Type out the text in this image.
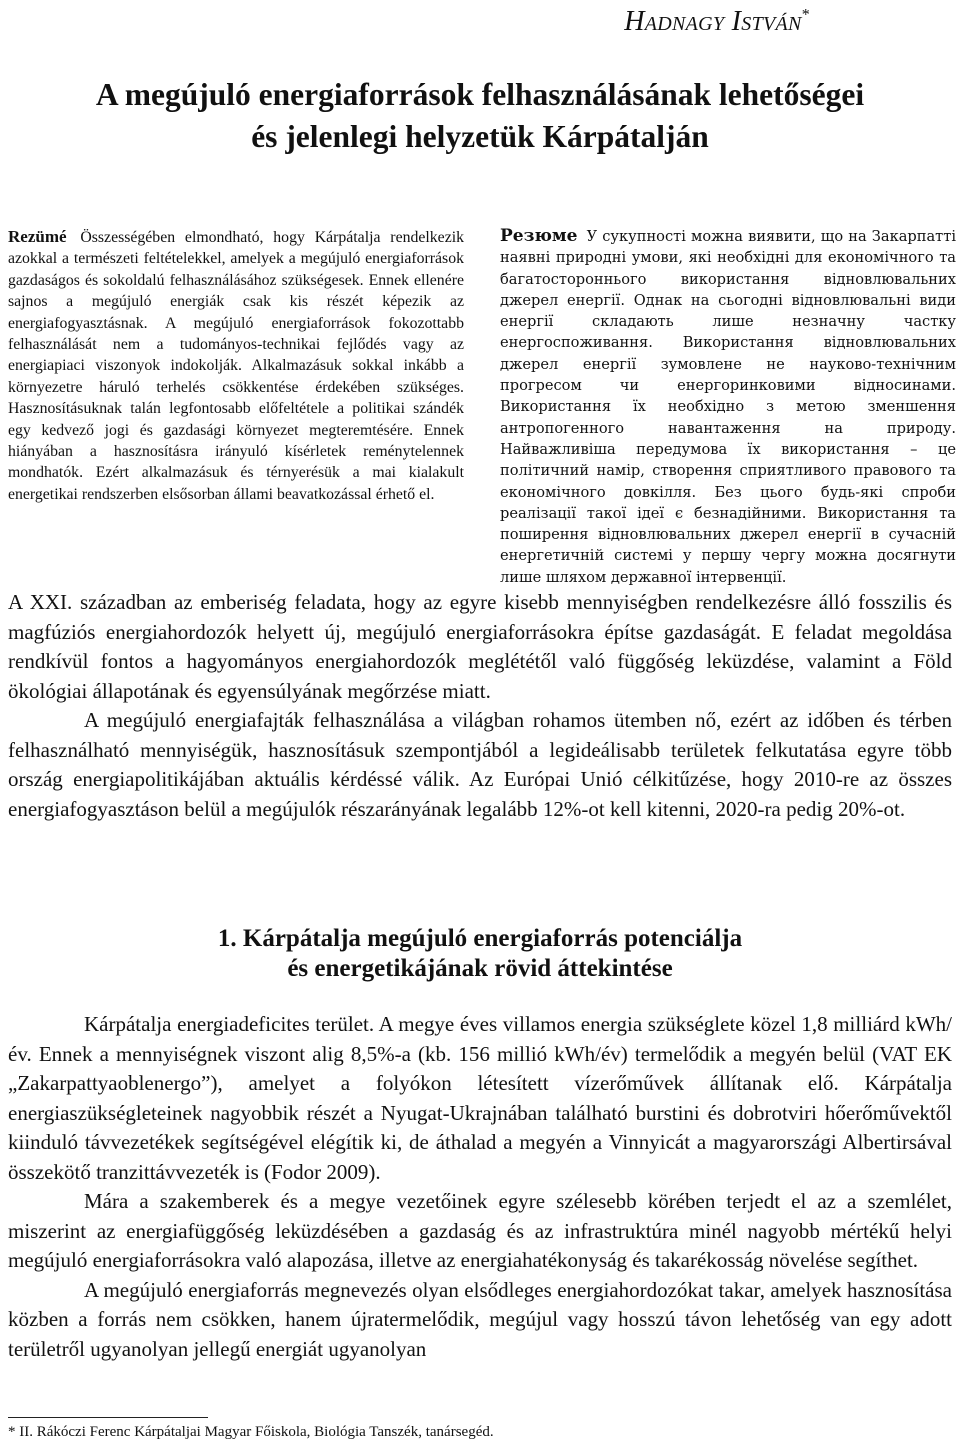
Hadnagy István*
A megújuló energiaforrások felhasználásának lehetőségei
és jelenlegi helyzetük Kárpátalján
Rezümé Összességében elmondható, hogy Kárpátalja rendelkezik azokkal a természeti feltételekkel, amelyek a megújuló energiaforrások gazdaságos és sokoldalú felhasználásához szükségesek. Ennek ellenére sajnos a megújuló energiák csak kis részét képezik az energiafogyasztásnak. A megújuló energiaforrások fokozottabb felhasználását nem a tudományos-technikai fejlődés vagy az energiapiaci viszonyok indokolják. Alkalmazásuk sokkal inkább a környezetre háruló terhelés csökkentése érdekében szükséges. Hasznosításuknak talán legfontosabb előfeltétele a politikai szándék egy kedvező jogi és gazdasági környezet megteremtésére. Ennek hiányában a hasznosításra irányuló kísérletek reménytelennek mondhatók. Ezért alkalmazásuk és térnyerésük a mai kialakult energetikai rendszerben elsősorban állami beavatkozással érhető el.
Резюме У сукупності можна виявити, що на Закарпатті наявні природні умови, які необхідні для економічного та багатостороннього використання відновлювальних джерел енергії. Однак на сьогодні відновлювальні види енергії складають лише незначну частку енергоспоживання. Використання відновлювальних джерел енергії зумовлене не науково-технічним прогресом чи енергоринковими відносинами. Використання їх необхідно з метою зменшення антропогенного навантаження на природу. Найважливіша передумова їх використання – це політичний намір, створення сприятливого правового та економічного довкілля. Без цього будь-які спроби реалізації такої ідеї є безнадійними. Використання та поширення відновлювальних джерел енергії в сучасній енергетичній системі у першу чергу можна досягнути лише шляхом державної інтервенції.

A XXI. században az emberiség feladata, hogy az egyre kisebb mennyiségben rendelkezésre álló fosszilis és magfúziós energiahordozók helyett új, megújuló energiaforrásokra építse gazdaságát. E feladat megoldása rendkívül fontos a hagyományos energiahordozók meglététől való függőség leküzdése, valamint a Föld ökológiai állapotának és egyensúlyának megőrzése miatt.

A megújuló energiafajták felhasználása a világban rohamos ütemben nő, ezért az időben és térben felhasználható mennyiségük, hasznosításuk szempontjából a legideálisabb területek felkutatása egyre több ország energiapolitikájában aktuális kérdéssé válik. Az Európai Unió célkitűzése, hogy 2010-re az összes energiafogyasztáson belül a megújulók részarányának legalább 12%-ot kell kitenni, 2020-ra pedig 20%-ot.

1. Kárpátalja megújuló energiaforrás potenciálja
és energetikájának rövid áttekintése

Kárpátalja energiadeficites terület. A megye éves villamos energia szükséglete közel 1,8 milliárd kWh/év. Ennek a mennyiségnek viszont alig 8,5%-a (kb. 156 millió kWh/év) termelődik a megyén belül (VAT EK „Zakarpattyaoblenergo”), amelyet a folyókon létesített vízerőművek állítanak elő. Kárpátalja energiaszükségleteinek nagyobbik részét a Nyugat-Ukrajnában található burstini és dobrotviri hőerőművektől kiinduló távvezetékek segítségével elégítik ki, de áthalad a megyén a Vinnyicát a magyarországi Albertirsával összekötő tranzittávvezeték is (Fodor 2009).

Mára a szakemberek és a megye vezetőinek egyre szélesebb körében terjedt el az a szemlélet, miszerint az energiafüggőség leküzdésében a gazdaság és az infrastruktúra minél nagyobb mértékű helyi megújuló energiaforrásokra való alapozása, illetve az energiahatékonyság és takarékosság növelése segíthet.

A megújuló energiaforrás megnevezés olyan elsődleges energiahordozókat takar, amelyek hasznosítása közben a forrás nem csökken, hanem újratermelődik, megújul vagy hosszú távon lehetőség van egy adott területről ugyanolyan jellegű energiát ugyanolyan

* II. Rákóczi Ferenc Kárpátaljai Magyar Főiskola, Biológia Tanszék, tanársegéd.
